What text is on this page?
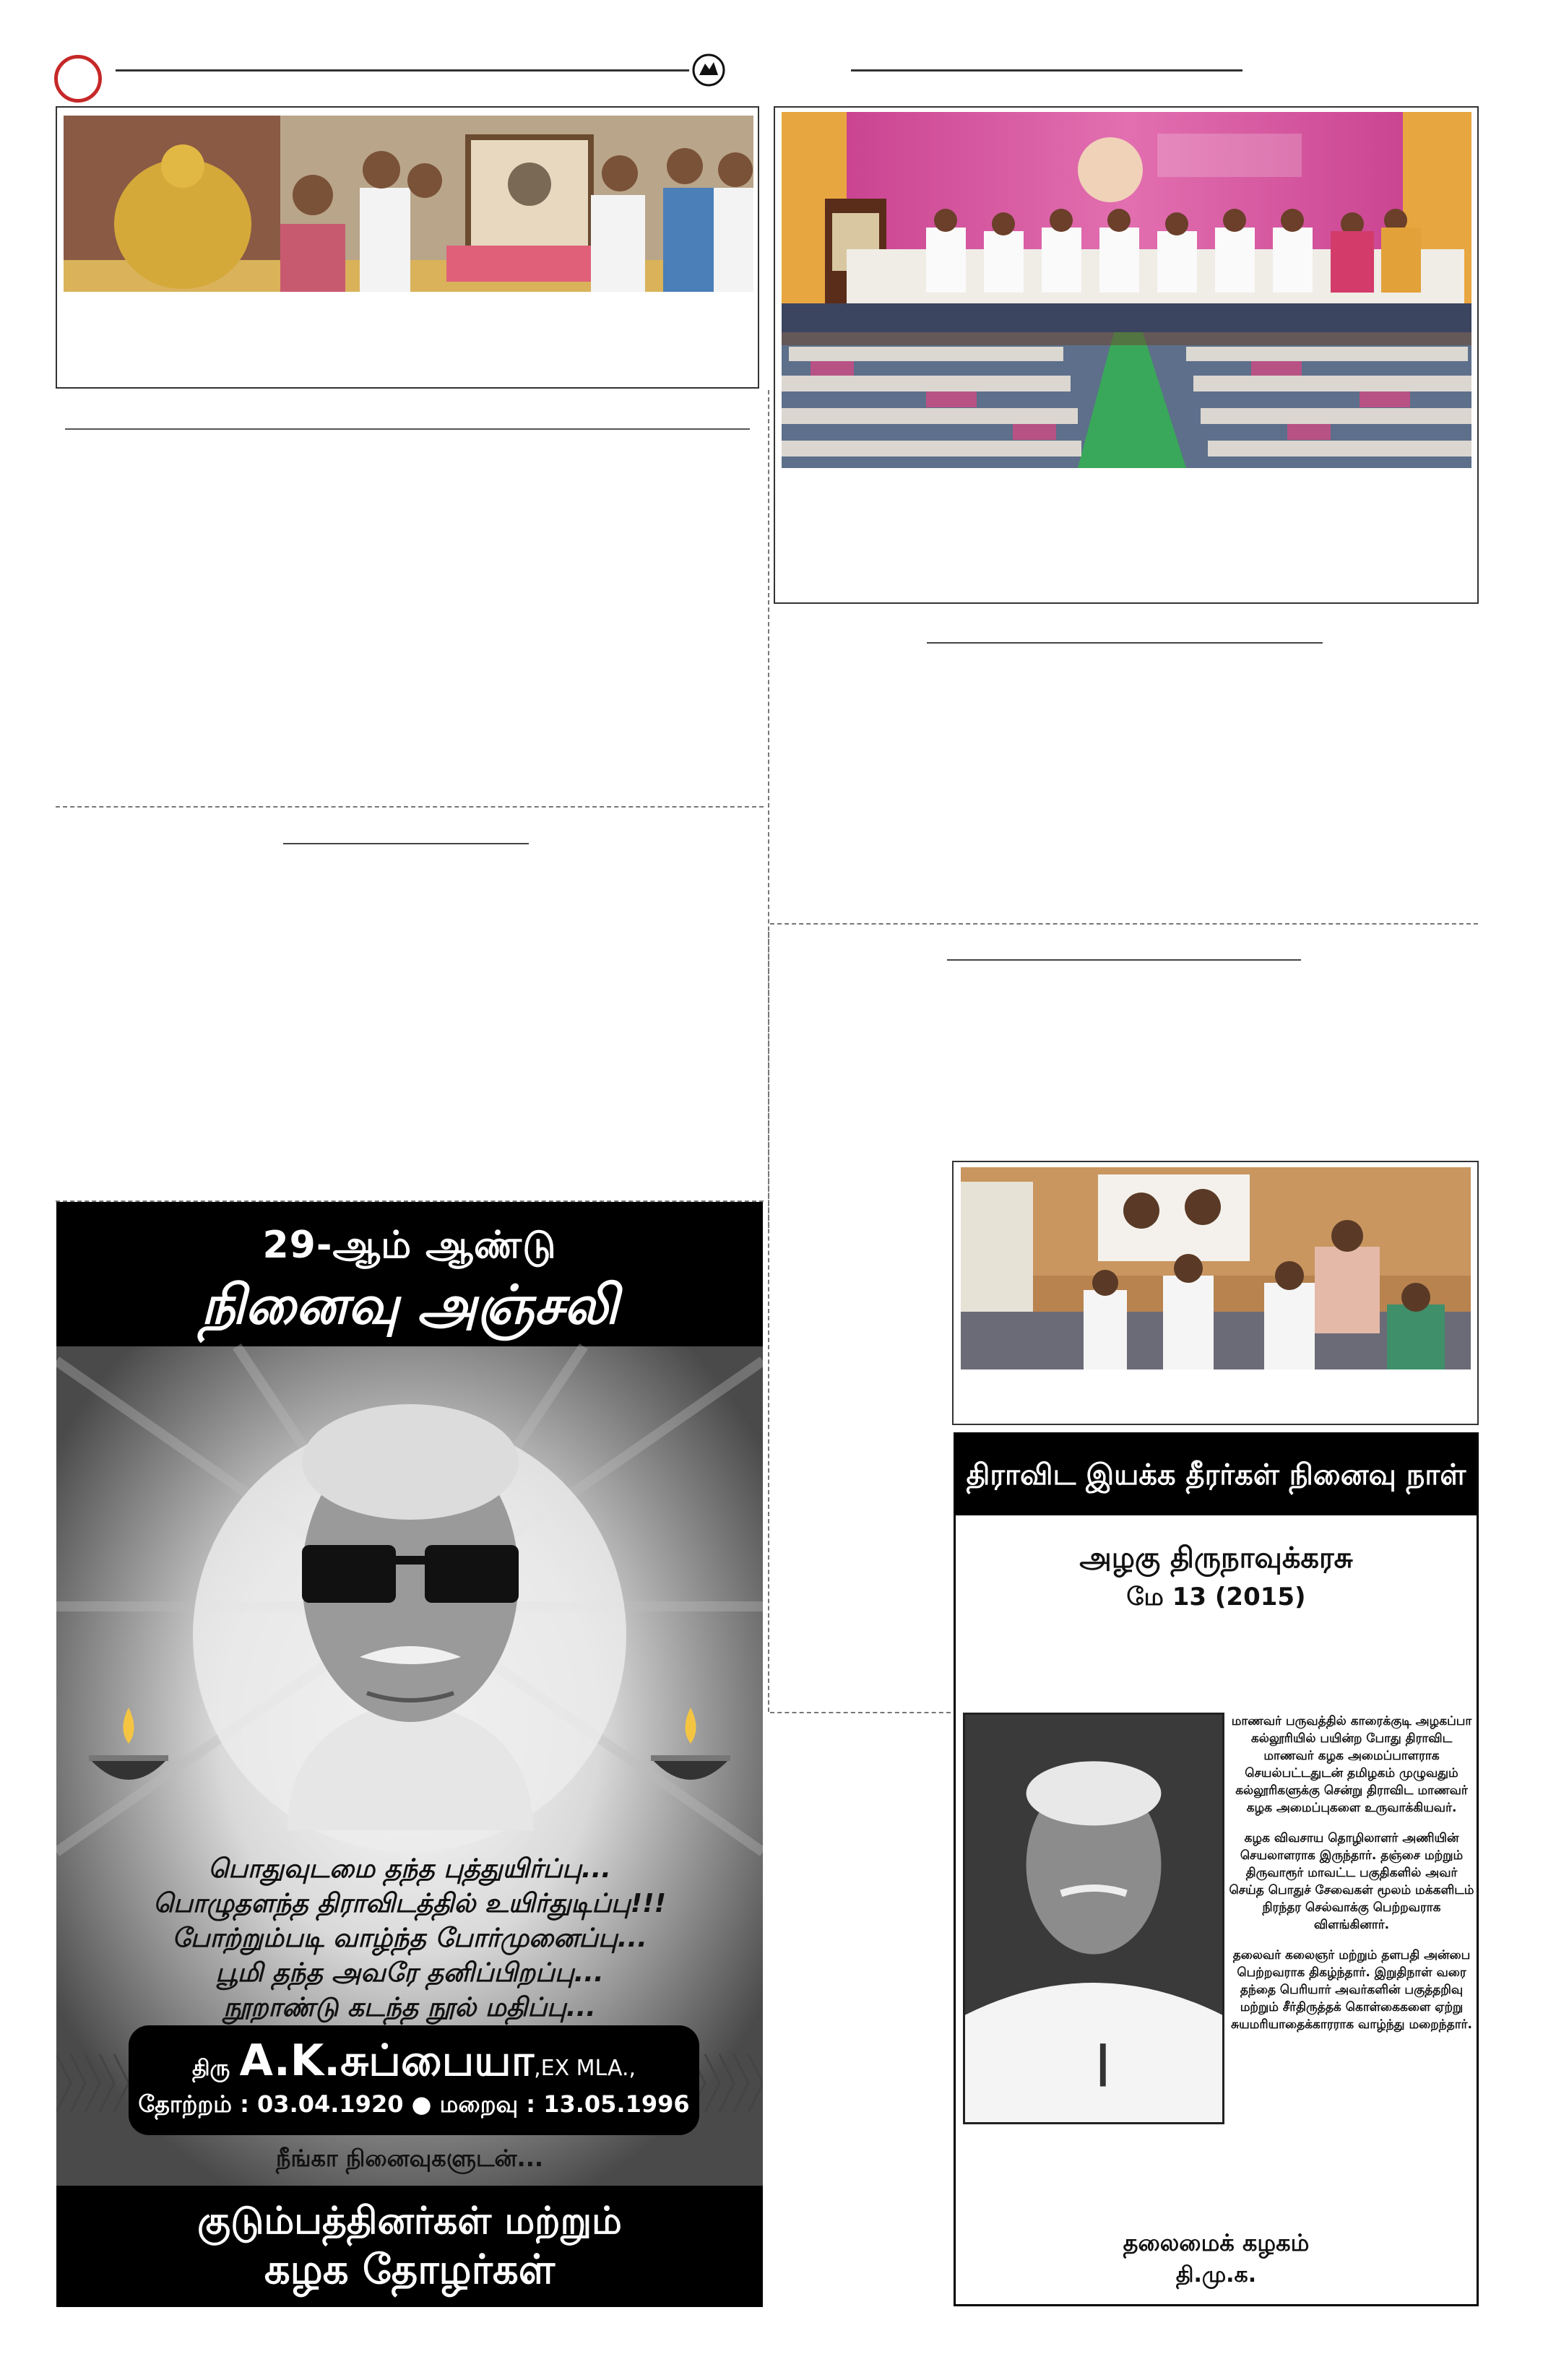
29-ஆம் ஆண்டு
நினைவு அஞ்சலி
பொதுவுடமை தந்த புத்துயிர்ப்பு...
பொழுதளந்த திராவிடத்தில் உயிர்துடிப்பு!!!
போற்றும்படி வாழ்ந்த போர்முனைப்பு...
பூமி தந்த அவரே தனிப்பிறப்பு...
நூறாண்டு கடந்த நூல் மதிப்பு...
திரு A.K.சுப்பையா,EX MLA.,
தோற்றம் : 03.04.1920 ● மறைவு : 13.05.1996
நீங்கா நினைவுகளுடன்...
குடும்பத்தினர்கள் மற்றும்
கழக தோழர்கள்
திராவிட இயக்க தீரர்கள் நினைவு நாள்
அழகு திருநாவுக்கரசு
மே 13 (2015)

மாணவர் பருவத்தில் காரைக்குடி அழகப்பா கல்லூரியில் பயின்ற போது திராவிட மாணவர் கழக அமைப்பாளராக செயல்பட்டதுடன் தமிழகம் முழுவதும் கல்லூரிகளுக்கு சென்று திராவிட மாணவர் கழக அமைப்புகளை உருவாக்கியவர்.

கழக விவசாய தொழிலாளர் அணியின் செயலாளராக இருந்தார். தஞ்சை மற்றும் திருவாரூர் மாவட்ட பகுதிகளில் அவர் செய்த பொதுச் சேவைகள் மூலம் மக்களிடம் நிரந்தர செல்வாக்கு பெற்றவராக விளங்கினார்.

தலைவர் கலைஞர் மற்றும் தளபதி அன்பை பெற்றவராக திகழ்ந்தார். இறுதிநாள் வரை தந்தை பெரியார் அவர்களின் பகுத்தறிவு மற்றும் சீர்திருத்தக் கொள்கைகளை ஏற்று சுயமரியாதைக்காரராக வாழ்ந்து மறைந்தார்.

தலைமைக் கழகம்
தி.மு.க.
